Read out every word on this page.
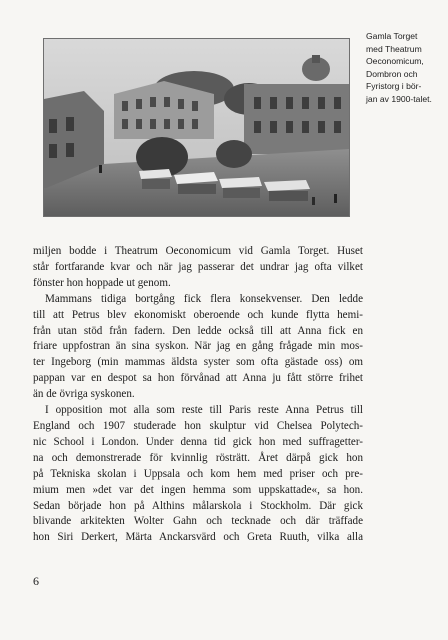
Gamla Torget
med Theatrum
Oeconomicum,
Dombron och
Fyristorg i bör-
jan av 1900-talet.
miljen bodde i Theatrum Oeconomicum vid Gamla Torget. Huset
står fortfarande kvar och när jag passerar det undrar jag ofta vilket
fönster hon hoppade ut genom.
Mammans tidiga bortgång fick flera konsekvenser. Den ledde
till att Petrus blev ekonomiskt oberoende och kunde flytta hemi-
från utan stöd från fadern. Den ledde också till att Anna fick en
friare uppfostran än sina syskon. När jag en gång frågade min mos-
ter Ingeborg (min mammas äldsta syster som ofta gästade oss) om
pappan var en despot sa hon förvånad att Anna ju fått större frihet
än de övriga syskonen.
I opposition mot alla som reste till Paris reste Anna Petrus till
England och 1907 studerade hon skulptur vid Chelsea Polytech-
nic School i London. Under denna tid gick hon med suffragetter-
na och demonstrerade för kvinnlig rösträtt. Året därpå gick hon
på Tekniska skolan i Uppsala och kom hem med priser och pre-
mium men »det var det ingen hemma som uppskattade«, sa hon.
Sedan började hon på Althins målarskola i Stockholm. Där gick
blivande arkitekten Wolter Gahn och tecknade och där träffade
hon Siri Derkert, Märta Anckarsvärd och Greta Ruuth, vilka alla
6
